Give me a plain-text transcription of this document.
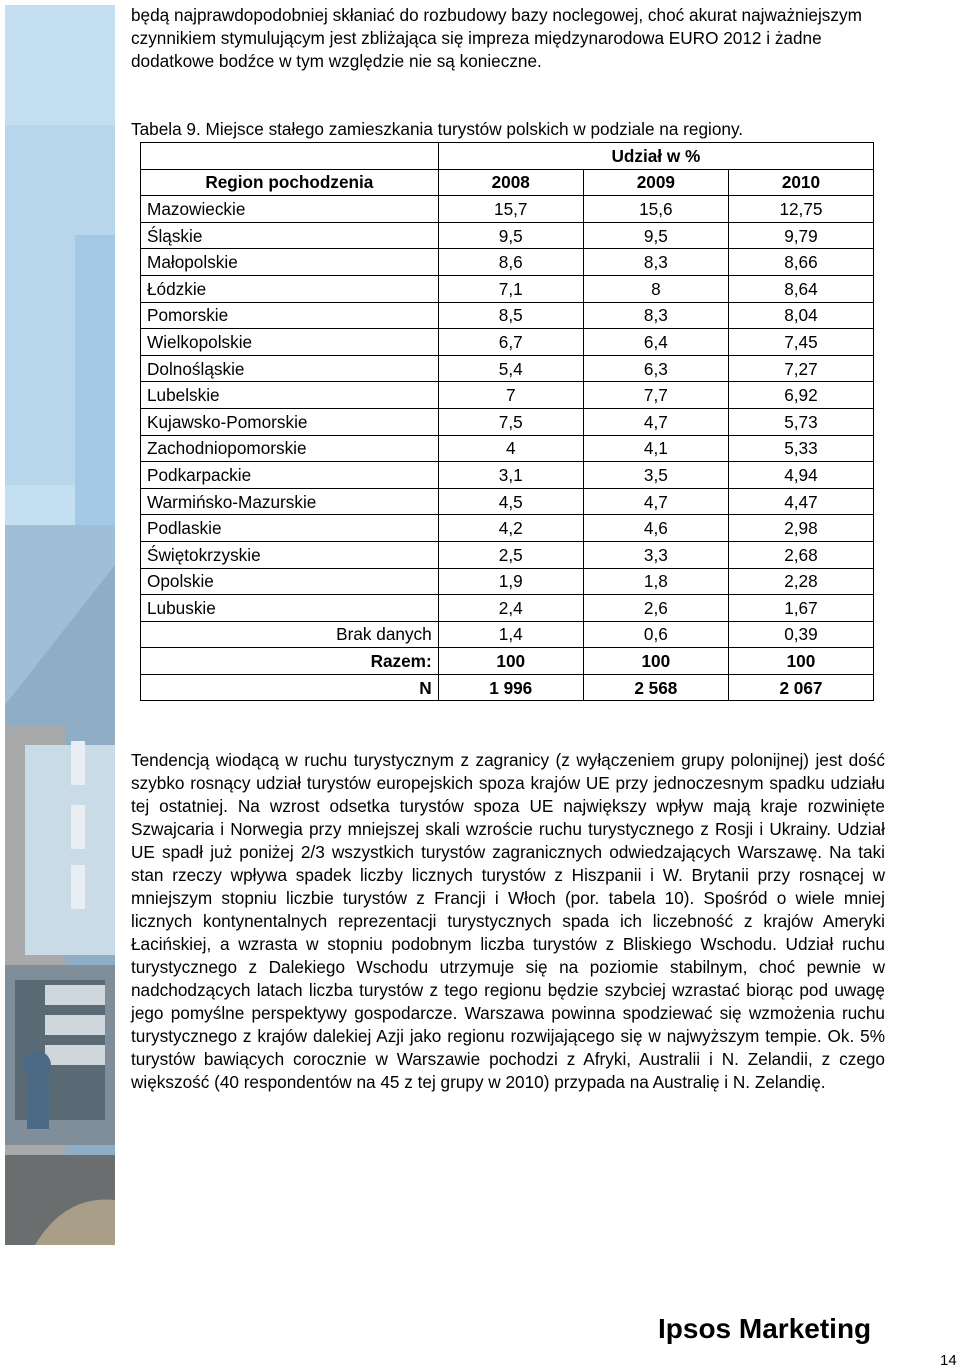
będą najprawdopodobniej skłaniać do rozbudowy bazy noclegowej, choć akurat najważniejszym czynnikiem stymulującym jest zbliżająca się impreza międzynarodowa EURO 2012 i żadne dodatkowe bodźce w tym względzie nie są konieczne.

Tabela 9. Miejsce stałego zamieszkania turystów polskich w podziale na regiony.

	Udział w %		
Region pochodzenia	2008	2009	2010
Mazowieckie	15,7	15,6	12,75
Śląskie	9,5	9,5	9,79
Małopolskie	8,6	8,3	8,66
Łódzkie	7,1	8	8,64
Pomorskie	8,5	8,3	8,04
Wielkopolskie	6,7	6,4	7,45
Dolnośląskie	5,4	6,3	7,27
Lubelskie	7	7,7	6,92
Kujawsko-Pomorskie	7,5	4,7	5,73
Zachodniopomorskie	4	4,1	5,33
Podkarpackie	3,1	3,5	4,94
Warmińsko-Mazurskie	4,5	4,7	4,47
Podlaskie	4,2	4,6	2,98
Świętokrzyskie	2,5	3,3	2,68
Opolskie	1,9	1,8	2,28
Lubuskie	2,4	2,6	1,67
Brak danych	1,4	0,6	0,39
Razem:	100	100	100
N	1 996	2 568	2 067

Tendencją wiodącą w ruchu turystycznym z zagranicy (z wyłączeniem grupy polonijnej) jest dość szybko rosnący udział turystów europejskich spoza krajów UE przy jednoczesnym spadku udziału tej ostatniej. Na wzrost odsetka turystów spoza UE największy wpływ mają kraje rozwinięte Szwajcaria i Norwegia przy mniejszej skali wzroście ruchu turystycznego z Rosji i Ukrainy. Udział UE spadł już poniżej 2/3 wszystkich turystów zagranicznych odwiedzających Warszawę. Na taki stan rzeczy wpływa spadek liczby licznych turystów z Hiszpanii i W. Brytanii przy rosnącej w mniejszym stopniu liczbie turystów z Francji i Włoch (por. tabela 10). Spośród o wiele mniej licznych kontynentalnych reprezentacji turystycznych spada ich liczebność z krajów Ameryki Łacińskiej, a wzrasta w stopniu podobnym liczba turystów z Bliskiego Wschodu. Udział ruchu turystycznego z Dalekiego Wschodu utrzymuje się na poziomie stabilnym, choć pewnie w nadchodzących latach liczba turystów z tego regionu będzie szybciej wzrastać biorąc pod uwagę jego pomyślne perspektywy gospodarcze. Warszawa powinna spodziewać się wzmożenia ruchu turystycznego z krajów dalekiej Azji jako regionu rozwijającego się w najwyższym tempie. Ok. 5% turystów bawiących corocznie w Warszawie pochodzi z Afryki, Australii i N. Zelandii, z czego większość (40 respondentów na 45 z tej grupy w 2010) przypada na Australię i N. Zelandię.

Ipsos Marketing

14
